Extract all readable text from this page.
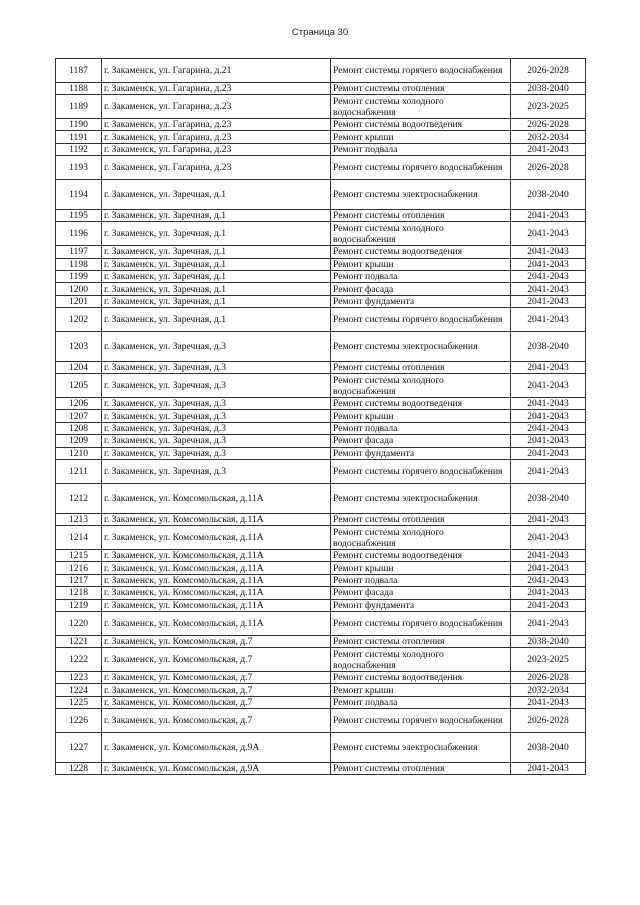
Страница 30
1187	г. Закаменск, ул. Гагарина, д.21	Ремонт системы горячего водоснабжения	2026-2028
1188	г. Закаменск, ул. Гагарина, д.23	Ремонт системы отопления	2038-2040
1189	г. Закаменск, ул. Гагарина, д.23	Ремонт системы холодного водоснабжения	2023-2025
1190	г. Закаменск, ул. Гагарина, д.23	Ремонт системы водоотведения	2026-2028
1191	г. Закаменск, ул. Гагарина, д.23	Ремонт крыши	2032-2034
1192	г. Закаменск, ул. Гагарина, д.23	Ремонт подвала	2041-2043
1193	г. Закаменск, ул. Гагарина, д.23	Ремонт системы горячего водоснабжения	2026-2028
1194	г. Закаменск, ул. Заречная, д.1	Ремонт системы электроснабжения	2038-2040
1195	г. Закаменск, ул. Заречная, д.1	Ремонт системы отопления	2041-2043
1196	г. Закаменск, ул. Заречная, д.1	Ремонт системы холодного водоснабжения	2041-2043
1197	г. Закаменск, ул. Заречная, д.1	Ремонт системы водоотведения	2041-2043
1198	г. Закаменск, ул. Заречная, д.1	Ремонт крыши	2041-2043
1199	г. Закаменск, ул. Заречная, д.1	Ремонт подвала	2041-2043
1200	г. Закаменск, ул. Заречная, д.1	Ремонт фасада	2041-2043
1201	г. Закаменск, ул. Заречная, д.1	Ремонт фундамента	2041-2043
1202	г. Закаменск, ул. Заречная, д.1	Ремонт системы горячего водоснабжения	2041-2043
1203	г. Закаменск, ул. Заречная, д.3	Ремонт системы электроснабжения	2038-2040
1204	г. Закаменск, ул. Заречная, д.3	Ремонт системы отопления	2041-2043
1205	г. Закаменск, ул. Заречная, д.3	Ремонт системы холодного водоснабжения	2041-2043
1206	г. Закаменск, ул. Заречная, д.3	Ремонт системы водоотведения	2041-2043
1207	г. Закаменск, ул. Заречная, д.3	Ремонт крыши	2041-2043
1208	г. Закаменск, ул. Заречная, д.3	Ремонт подвала	2041-2043
1209	г. Закаменск, ул. Заречная, д.3	Ремонт фасада	2041-2043
1210	г. Закаменск, ул. Заречная, д.3	Ремонт фундамента	2041-2043
1211	г. Закаменск, ул. Заречная, д.3	Ремонт системы горячего водоснабжения	2041-2043
1212	г. Закаменск, ул. Комсомольская, д.11А	Ремонт системы электроснабжения	2038-2040
1213	г. Закаменск, ул. Комсомольская, д.11А	Ремонт системы отопления	2041-2043
1214	г. Закаменск, ул. Комсомольская, д.11А	Ремонт системы холодного водоснабжения	2041-2043
1215	г. Закаменск, ул. Комсомольская, д.11А	Ремонт системы водоотведения	2041-2043
1216	г. Закаменск, ул. Комсомольская, д.11А	Ремонт крыши	2041-2043
1217	г. Закаменск, ул. Комсомольская, д.11А	Ремонт подвала	2041-2043
1218	г. Закаменск, ул. Комсомольская, д.11А	Ремонт фасада	2041-2043
1219	г. Закаменск, ул. Комсомольская, д.11А	Ремонт фундамента	2041-2043
1220	г. Закаменск, ул. Комсомольская, д.11А	Ремонт системы горячего водоснабжения	2041-2043
1221	г. Закаменск, ул. Комсомольская, д.7	Ремонт системы отопления	2038-2040
1222	г. Закаменск, ул. Комсомольская, д.7	Ремонт системы холодного водоснабжения	2023-2025
1223	г. Закаменск, ул. Комсомольская, д.7	Ремонт системы водоотведения	2026-2028
1224	г. Закаменск, ул. Комсомольская, д.7	Ремонт крыши	2032-2034
1225	г. Закаменск, ул. Комсомольская, д.7	Ремонт подвала	2041-2043
1226	г. Закаменск, ул. Комсомольская, д.7	Ремонт системы горячего водоснабжения	2026-2028
1227	г. Закаменск, ул. Комсомольская, д.9А	Ремонт системы электроснабжения	2038-2040
1228	г. Закаменск, ул. Комсомольская, д.9А	Ремонт системы отопления	2041-2043
